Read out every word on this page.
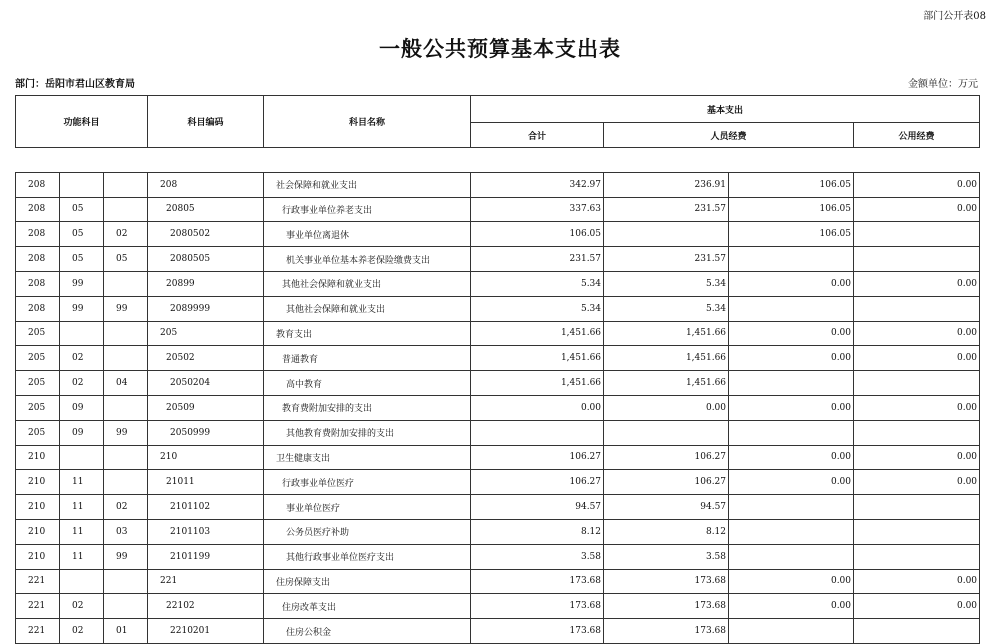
部门公开表08
一般公共预算基本支出表
部门：岳阳市君山区教育局	金额单位：万元
功能科目			科目编码	科目名称	基本支出			
					合计	人员经费		公用经费

208			208	社会保障和就业支出	342.97	236.91	106.05	0.00
208	05		20805	行政事业单位养老支出	337.63	231.57	106.05	0.00
208	05	02	2080502	事业单位离退休	106.05		106.05	
208	05	05	2080505	机关事业单位基本养老保险缴费支出	231.57	231.57		
208	99		20899	其他社会保障和就业支出	5.34	5.34	0.00	0.00
208	99	99	2089999	其他社会保障和就业支出	5.34	5.34		
205			205	教育支出	1,451.66	1,451.66	0.00	0.00
205	02		20502	普通教育	1,451.66	1,451.66	0.00	0.00
205	02	04	2050204	高中教育	1,451.66	1,451.66		
205	09		20509	教育费附加安排的支出	0.00	0.00	0.00	0.00
205	09	99	2050999	其他教育费附加安排的支出				
210			210	卫生健康支出	106.27	106.27	0.00	0.00
210	11		21011	行政事业单位医疗	106.27	106.27	0.00	0.00
210	11	02	2101102	事业单位医疗	94.57	94.57		
210	11	03	2101103	公务员医疗补助	8.12	8.12		
210	11	99	2101199	其他行政事业单位医疗支出	3.58	3.58		
221			221	住房保障支出	173.68	173.68	0.00	0.00
221	02		22102	住房改革支出	173.68	173.68	0.00	0.00
221	02	01	2210201	住房公积金	173.68	173.68		
